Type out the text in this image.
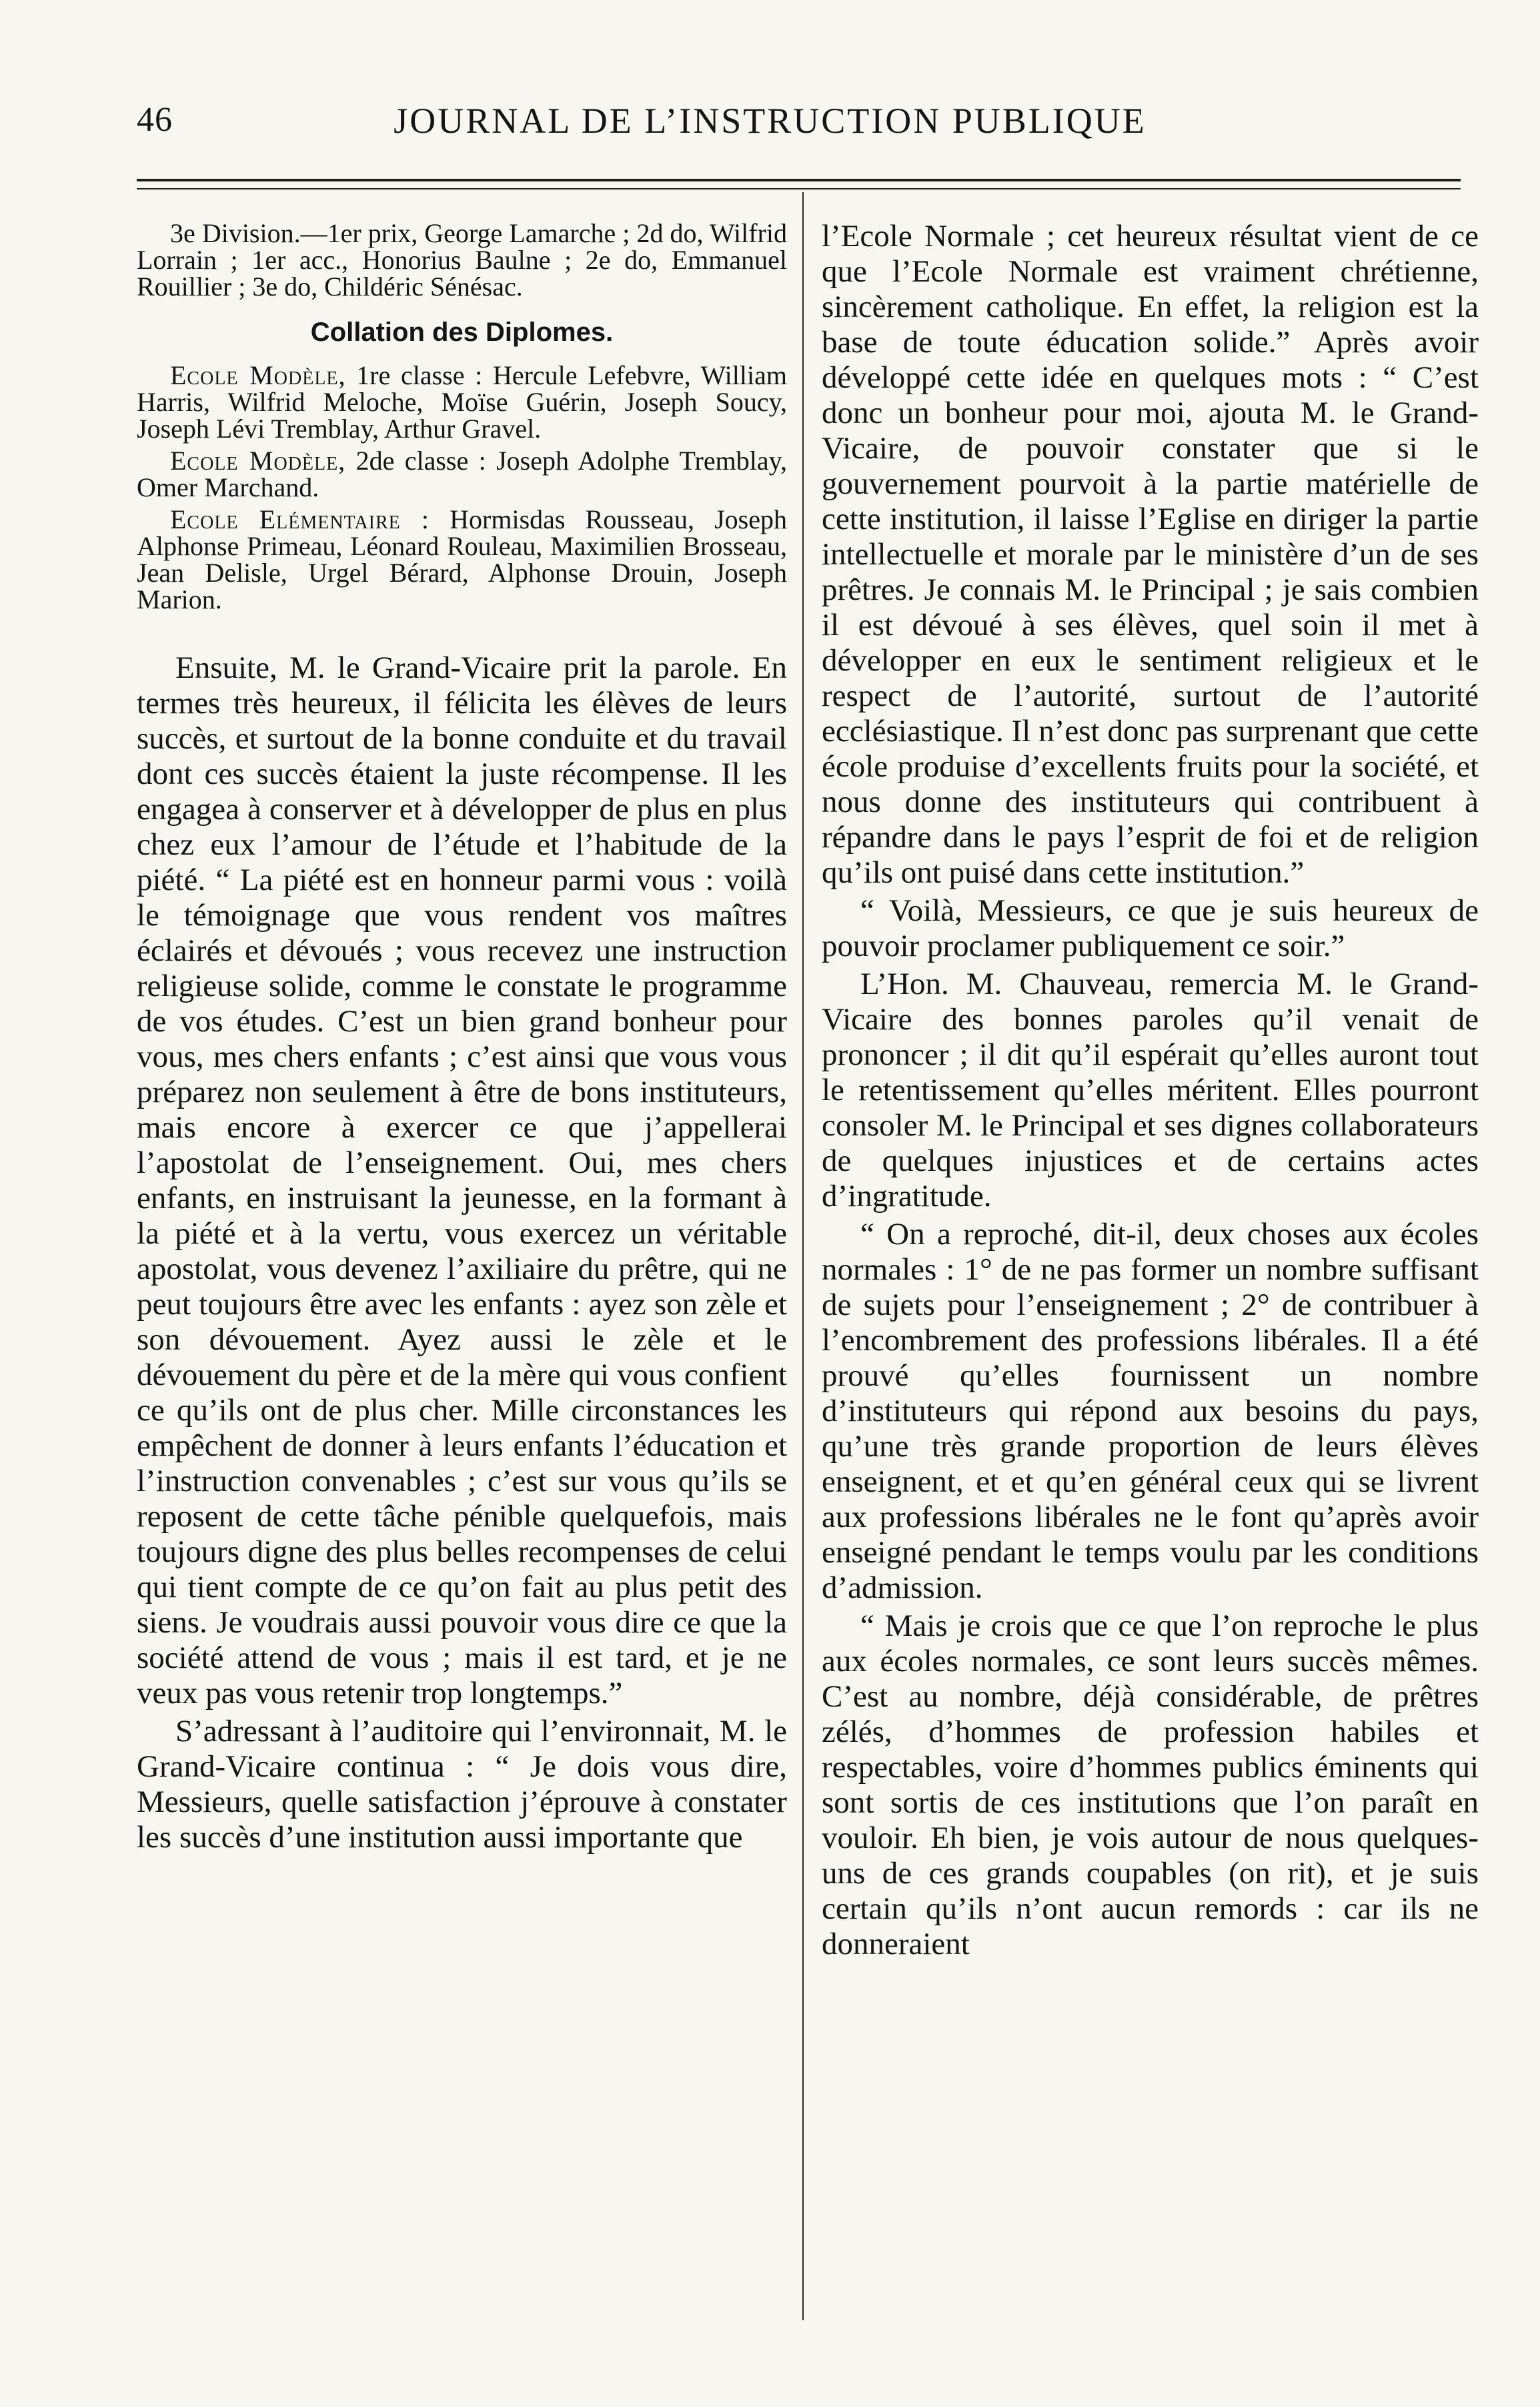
46	JOURNAL DE L’INSTRUCTION PUBLIQUE

3e Division.—1er prix, George Lamarche ; 2d do, Wilfrid Lorrain ; 1er acc., Honorius Baulne ; 2e do, Emmanuel Rouillier ; 3e do, Childéric Sénésac.

Collation des Diplomes.

Ecole Modèle, 1re classe : Hercule Lefebvre, William Harris, Wilfrid Meloche, Moïse Guérin, Joseph Soucy, Joseph Lévi Tremblay, Arthur Gravel.

Ecole Modèle, 2de classe : Joseph Adolphe Tremblay, Omer Marchand.

Ecole Elémentaire : Hormisdas Rousseau, Joseph Alphonse Primeau, Léonard Rouleau, Maximilien Brosseau, Jean Delisle, Urgel Bérard, Alphonse Drouin, Joseph Marion.

Ensuite, M. le Grand-Vicaire prit la parole. En termes très heureux, il félicita les élèves de leurs succès, et surtout de la bonne conduite et du travail dont ces succès étaient la juste récompense. Il les engagea à conserver et à développer de plus en plus chez eux l’amour de l’étude et l’habitude de la piété. “ La piété est en honneur parmi vous : voilà le témoignage que vous rendent vos maîtres éclairés et dévoués ; vous recevez une instruction religieuse solide, comme le constate le programme de vos études. C’est un bien grand bonheur pour vous, mes chers enfants ; c’est ainsi que vous vous préparez non seulement à être de bons instituteurs, mais encore à exercer ce que j’appellerai l’apostolat de l’enseignement. Oui, mes chers enfants, en instruisant la jeunesse, en la formant à la piété et à la vertu, vous exercez un véritable apostolat, vous devenez l’axiliaire du prêtre, qui ne peut toujours être avec les enfants : ayez son zèle et son dévouement. Ayez aussi le zèle et le dévouement du père et de la mère qui vous confient ce qu’ils ont de plus cher. Mille circonstances les empêchent de donner à leurs enfants l’éducation et l’instruction convenables ; c’est sur vous qu’ils se reposent de cette tâche pénible quelquefois, mais toujours digne des plus belles recompenses de celui qui tient compte de ce qu’on fait au plus petit des siens. Je voudrais aussi pouvoir vous dire ce que la société attend de vous ; mais il est tard, et je ne veux pas vous retenir trop longtemps.”

S’adressant à l’auditoire qui l’environnait, M. le Grand-Vicaire continua : “ Je dois vous dire, Messieurs, quelle satisfaction j’éprouve à constater les succès d’une institution aussi importante que

l’Ecole Normale ; cet heureux résultat vient de ce que l’Ecole Normale est vraiment chrétienne, sincèrement catholique. En effet, la religion est la base de toute éducation solide.” Après avoir développé cette idée en quelques mots : “ C’est donc un bonheur pour moi, ajouta M. le Grand-Vicaire, de pouvoir constater que si le gouvernement pourvoit à la partie matérielle de cette institution, il laisse l’Eglise en diriger la partie intellectuelle et morale par le ministère d’un de ses prêtres. Je connais M. le Principal ; je sais combien il est dévoué à ses élèves, quel soin il met à développer en eux le sentiment religieux et le respect de l’autorité, surtout de l’autorité ecclésiastique. Il n’est donc pas surprenant que cette école produise d’excellents fruits pour la société, et nous donne des instituteurs qui contribuent à répandre dans le pays l’esprit de foi et de religion qu’ils ont puisé dans cette institution.”

“ Voilà, Messieurs, ce que je suis heureux de pouvoir proclamer publiquement ce soir.”

L’Hon. M. Chauveau, remercia M. le Grand-Vicaire des bonnes paroles qu’il venait de prononcer ; il dit qu’il espérait qu’elles auront tout le retentissement qu’elles méritent. Elles pourront consoler M. le Principal et ses dignes collaborateurs de quelques injustices et de certains actes d’ingratitude.

“ On a reproché, dit-il, deux choses aux écoles normales : 1° de ne pas former un nombre suffisant de sujets pour l’enseignement ; 2° de contribuer à l’encombrement des professions libérales. Il a été prouvé qu’elles fournissent un nombre d’instituteurs qui répond aux besoins du pays, qu’une très grande proportion de leurs élèves enseignent, et et qu’en général ceux qui se livrent aux professions libérales ne le font qu’après avoir enseigné pendant le temps voulu par les conditions d’admission.

“ Mais je crois que ce que l’on reproche le plus aux écoles normales, ce sont leurs succès mêmes. C’est au nombre, déjà considérable, de prêtres zélés, d’hommes de profession habiles et respectables, voire d’hommes publics éminents qui sont sortis de ces institutions que l’on paraît en vouloir. Eh bien, je vois autour de nous quelques-uns de ces grands coupables (on rit), et je suis certain qu’ils n’ont aucun remords : car ils ne donneraient
